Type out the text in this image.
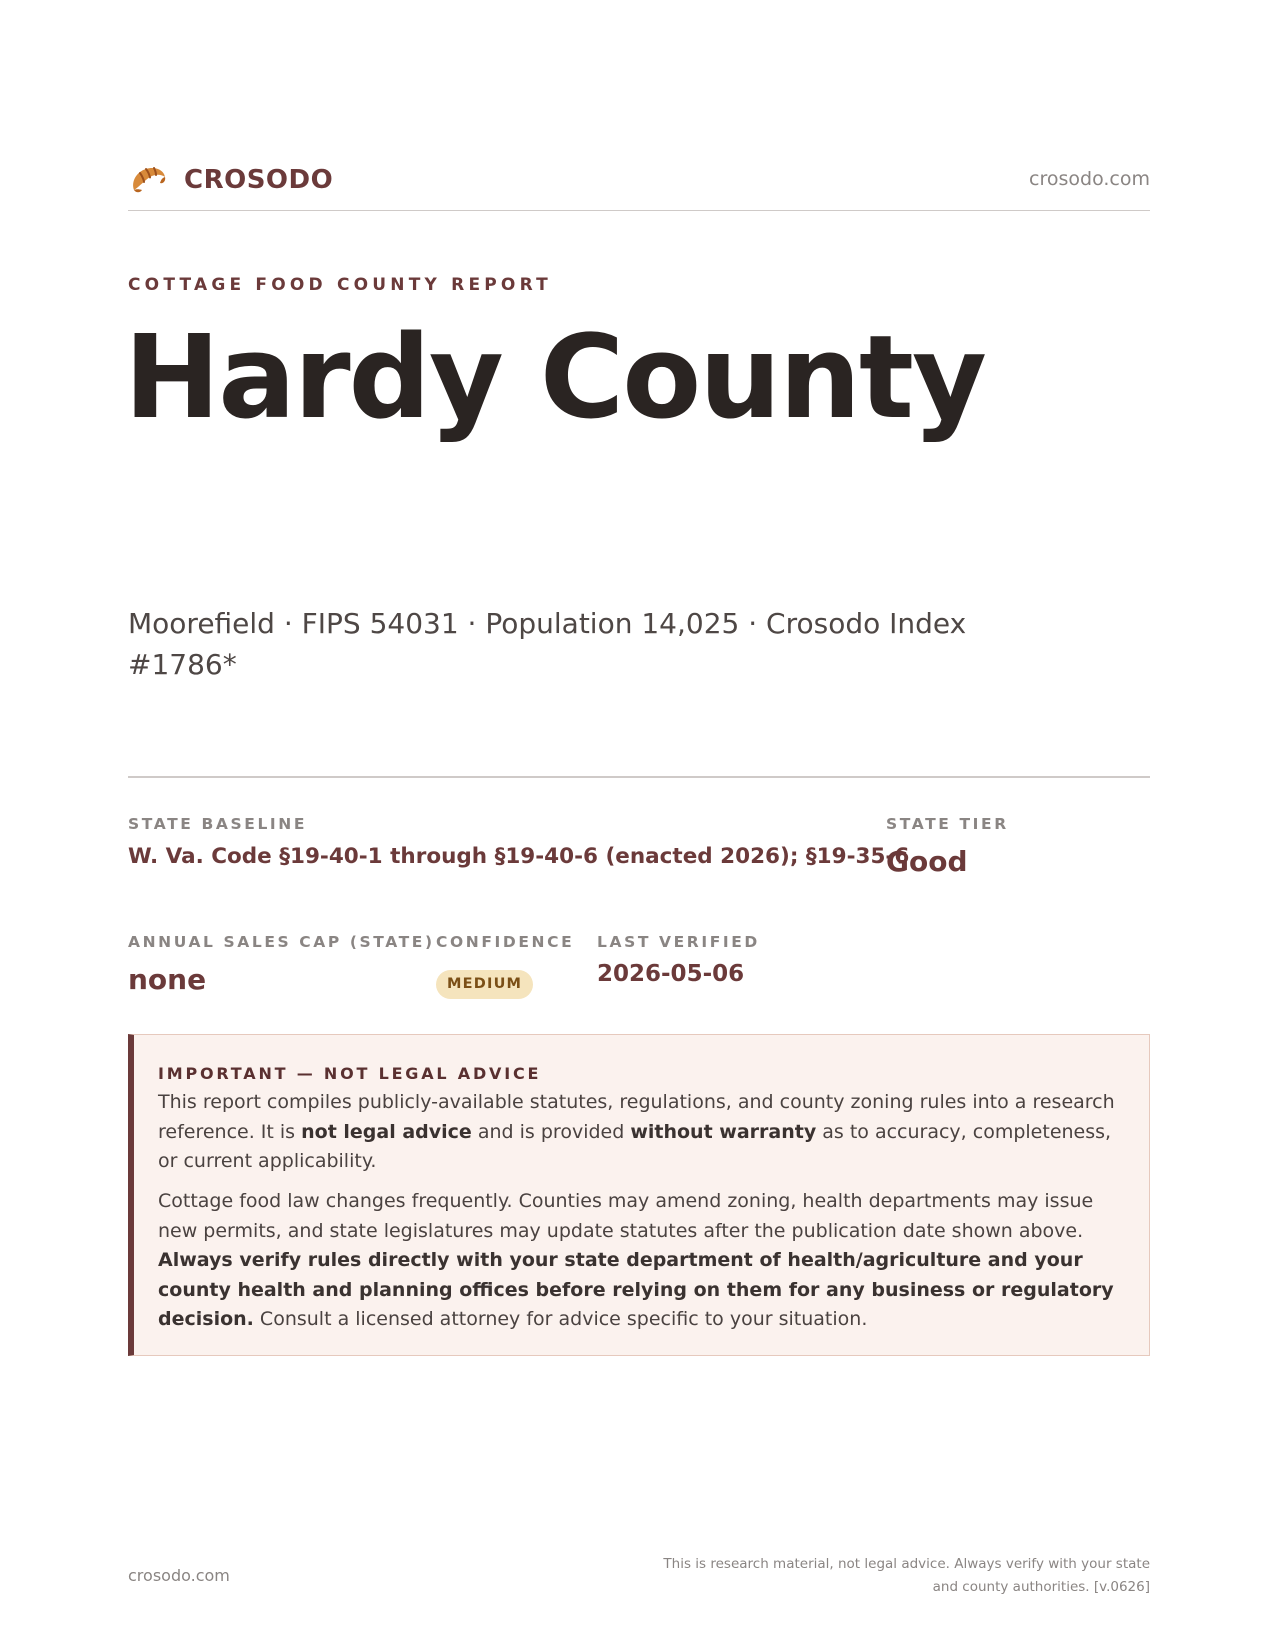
CROSODO	crosodo.com
COTTAGE FOOD COUNTY REPORT
Hardy County
Moorefield · FIPS 54031 · Population 14,025 · Crosodo Index #1786*
STATE BASELINE
W. Va. Code §19-40-1 through §19-40-6 (enacted 2026); §19-35-6
STATE TIER
Good
ANNUAL SALES CAP (STATE)
none
CONFIDENCE
MEDIUM
LAST VERIFIED
2026-05-06
IMPORTANT — NOT LEGAL ADVICE

This report compiles publicly-available statutes, regulations, and county zoning rules into a research reference. It is not legal advice and is provided without warranty as to accuracy, completeness, or current applicability.

Cottage food law changes frequently. Counties may amend zoning, health departments may issue new permits, and state legislatures may update statutes after the publication date shown above. Always verify rules directly with your state department of health/agriculture and your county health and planning offices before relying on them for any business or regulatory decision. Consult a licensed attorney for advice specific to your situation.

crosodo.com
This is research material, not legal advice. Always verify with your state
and county authorities. [v.0626]
